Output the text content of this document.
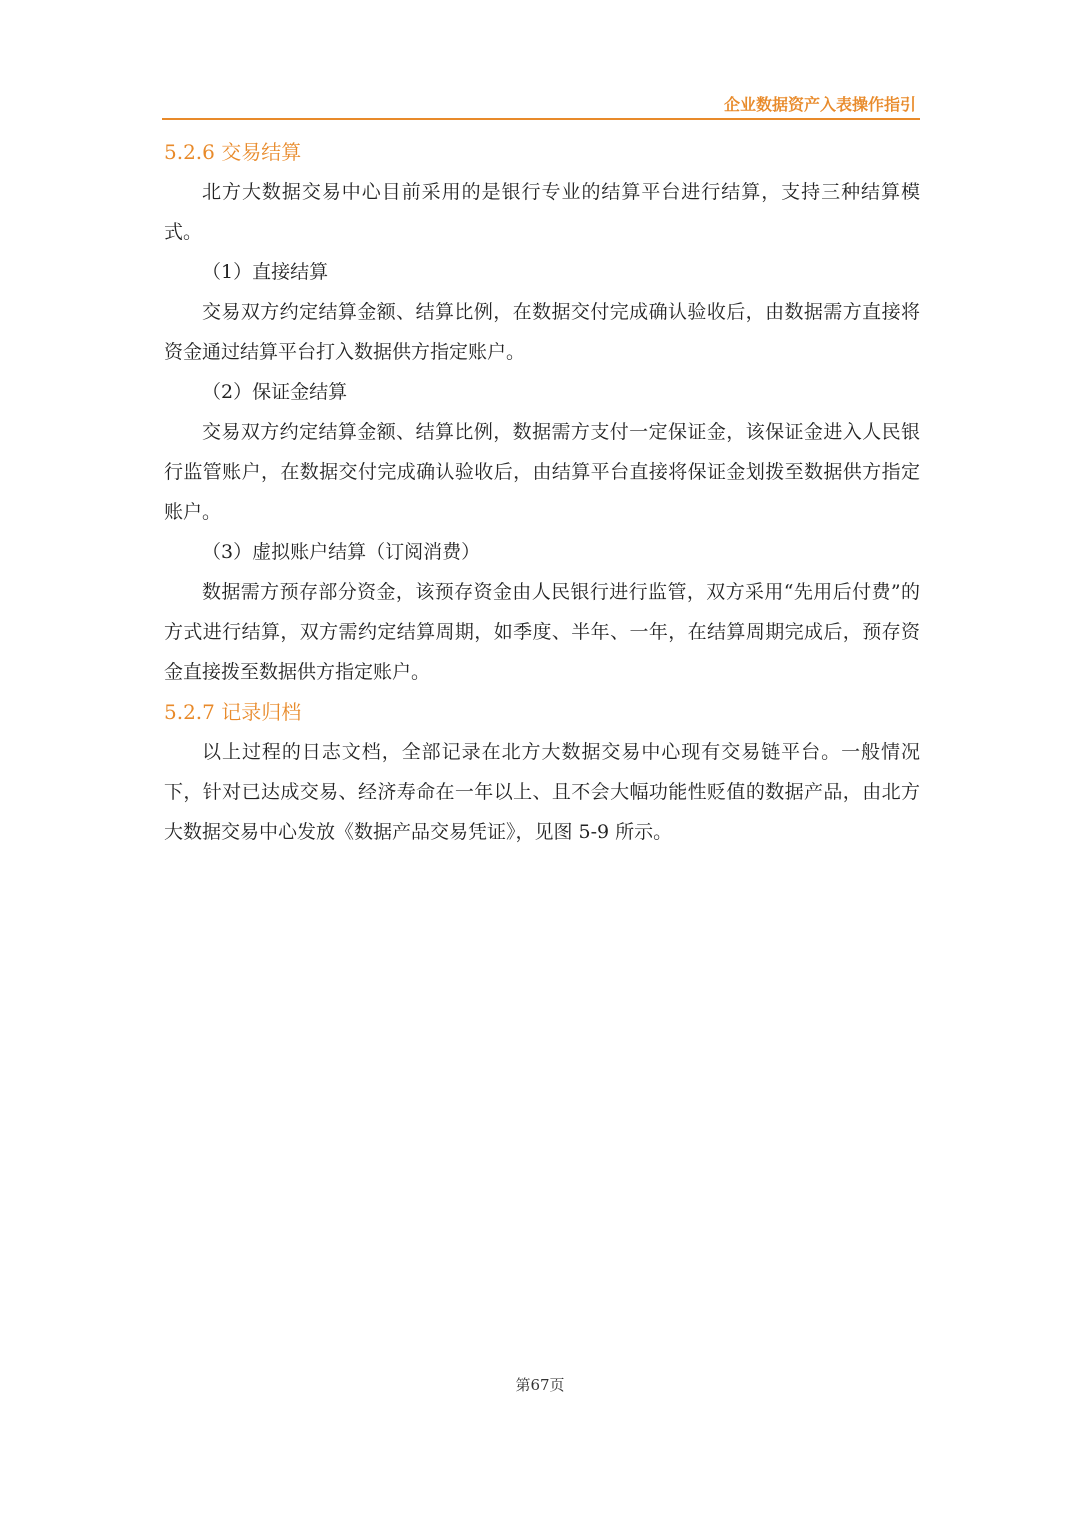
企业数据资产入表操作指引
5.2.6 交易结算

北方大数据交易中心目前采用的是银行专业的结算平台进行结算，支持三种结算模式。

（1）直接结算

交易双方约定结算金额、结算比例，在数据交付完成确认验收后，由数据需方直接将资金通过结算平台打入数据供方指定账户。

（2）保证金结算

交易双方约定结算金额、结算比例，数据需方支付一定保证金，该保证金进入人民银行监管账户，在数据交付完成确认验收后，由结算平台直接将保证金划拨至数据供方指定账户。

（3）虚拟账户结算（订阅消费）

数据需方预存部分资金，该预存资金由人民银行进行监管，双方采用“先用后付费”的方式进行结算，双方需约定结算周期，如季度、半年、一年，在结算周期完成后，预存资金直接拨至数据供方指定账户。

5.2.7 记录归档

以上过程的日志文档，全部记录在北方大数据交易中心现有交易链平台。一般情况下，针对已达成交易、经济寿命在一年以上、且不会大幅功能性贬值的数据产品，由北方大数据交易中心发放《数据产品交易凭证》，见图 5-9 所示。

第67页
